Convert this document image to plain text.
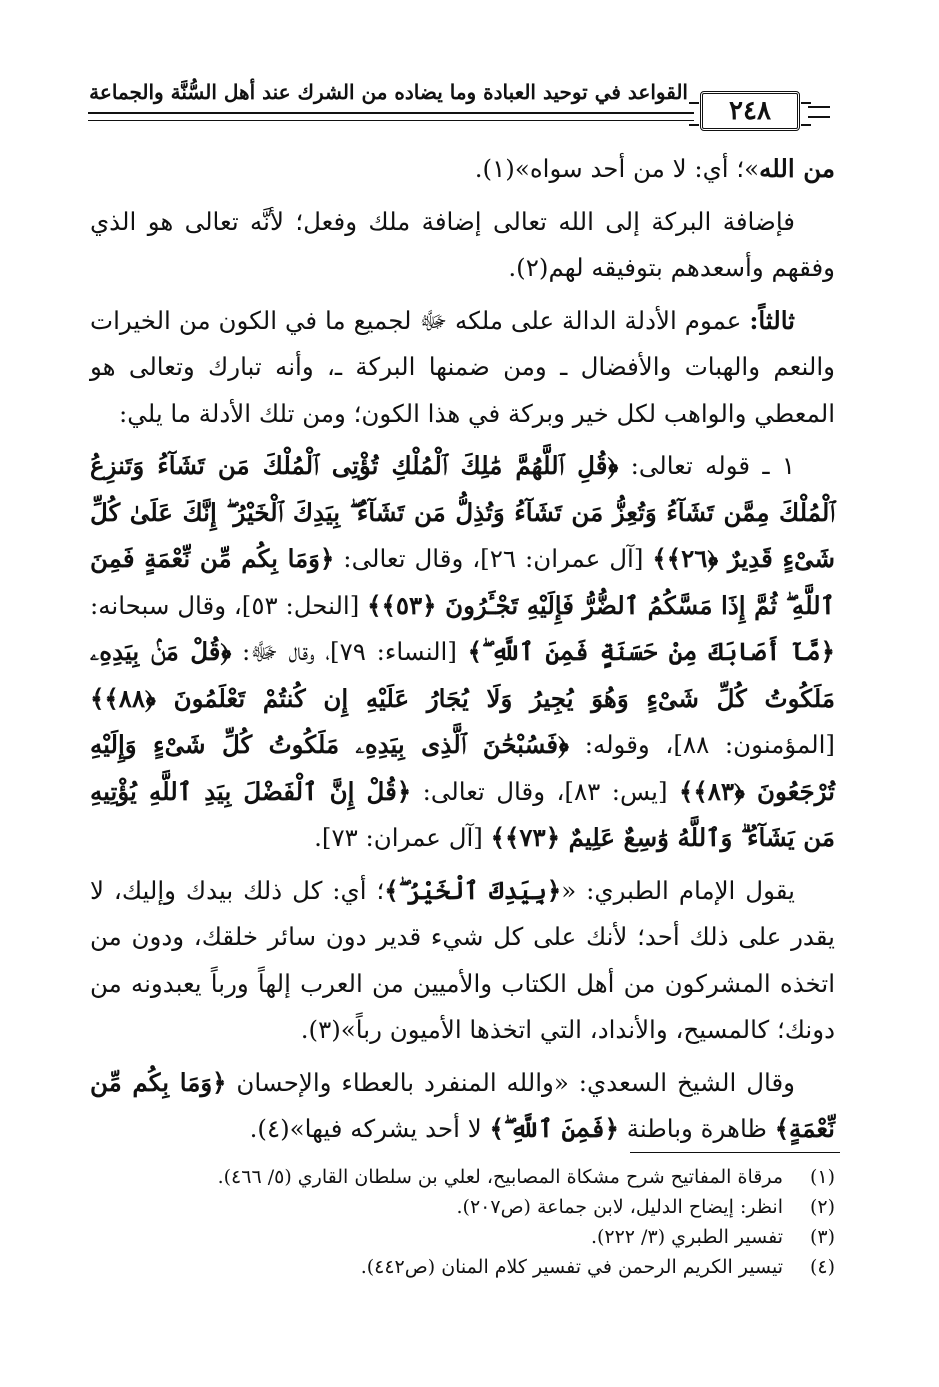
القواعد في توحيد العبادة وما يضاده من الشرك عند أهل السُّنَّة والجماعة
٢٤٨

من الله»؛ أي: لا من أحد سواه»(١).

فإضافة البركة إلى الله تعالى إضافة ملك وفعل؛ لأنَّه تعالى هو الذي وفقهم وأسعدهم بتوفيقه لهم(٢).

ثالثاً: عموم الأدلة الدالة على ملكه ﷻ لجميع ما في الكون من الخيرات والنعم والهبات والأفضال ـ ومن ضمنها البركة ـ، وأنه تبارك وتعالى هو المعطي والواهب لكل خير وبركة في هذا الكون؛ ومن تلك الأدلة ما يلي:

١ ـ قوله تعالى: ﴿قُلِ ٱللَّهُمَّ مَٰلِكَ ٱلْمُلْكِ تُؤْتِى ٱلْمُلْكَ مَن تَشَآءُ وَتَنزِعُ ٱلْمُلْكَ مِمَّن تَشَآءُ وَتُعِزُّ مَن تَشَآءُ وَتُذِلُّ مَن تَشَآءُ ۖ بِيَدِكَ ٱلْخَيْرُ ۖ إِنَّكَ عَلَىٰ كُلِّ شَىْءٍ قَدِيرٌ ﴿٢٦﴾﴾ [آل عمران: ٢٦]، وقال تعالى: ﴿وَمَا بِكُم مِّن نِّعْمَةٍ فَمِنَ ٱللَّهِ ۖ ثُمَّ إِذَا مَسَّكُمُ ٱلضُّرُّ فَإِلَيْهِ تَجْـَٔرُونَ ﴿٥٣﴾﴾ [النحل: ٥٣]، وقال سبحانه: ﴿مَّآ أَصَابَكَ مِنْ حَسَنَةٍ فَمِنَ ٱللَّهِ ۖ﴾ [النساء: ٧٩]، وقال ﷻ: ﴿قُلْ مَنۢ بِيَدِهِۦ مَلَكُوتُ كُلِّ شَىْءٍ وَهُوَ يُجِيرُ وَلَا يُجَارُ عَلَيْهِ إِن كُنتُمْ تَعْلَمُونَ ﴿٨٨﴾﴾ [المؤمنون: ٨٨]، وقوله: ﴿فَسُبْحَٰنَ ٱلَّذِى بِيَدِهِۦ مَلَكُوتُ كُلِّ شَىْءٍ وَإِلَيْهِ تُرْجَعُونَ ﴿٨٣﴾﴾ [يس: ٨٣]، وقال تعالى: ﴿قُلْ إِنَّ ٱلْفَضْلَ بِيَدِ ٱللَّهِ يُؤْتِيهِ مَن يَشَآءُ ۗ وَٱللَّهُ وَٰسِعٌ عَلِيمٌ ﴿٧٣﴾﴾ [آل عمران: ٧٣].

يقول الإمام الطبري: «﴿بِيَدِكَ ٱلْخَيْرُ ۖ﴾؛ أي: كل ذلك بيدك وإليك، لا يقدر على ذلك أحد؛ لأنك على كل شيء قدير دون سائر خلقك، ودون من اتخذه المشركون من أهل الكتاب والأميين من العرب إلهاً ورباً يعبدونه من دونك؛ كالمسيح، والأنداد، التي اتخذها الأميون رباً»(٣).

وقال الشيخ السعدي: «والله المنفرد بالعطاء والإحسان ﴿وَمَا بِكُم مِّن نِّعْمَةٍ﴾ ظاهرة وباطنة ﴿فَمِنَ ٱللَّهِ ۖ﴾ لا أحد يشركه فيها»(٤).

(١)
مرقاة المفاتيح شرح مشكاة المصابيح، لعلي بن سلطان القاري (٥/ ٤٦٦).
(٢)
انظر: إيضاح الدليل، لابن جماعة (ص٢٠٧).
(٣)
تفسير الطبري (٣/ ٢٢٢).
(٤)
تيسير الكريم الرحمن في تفسير كلام المنان (ص٤٤٢).
